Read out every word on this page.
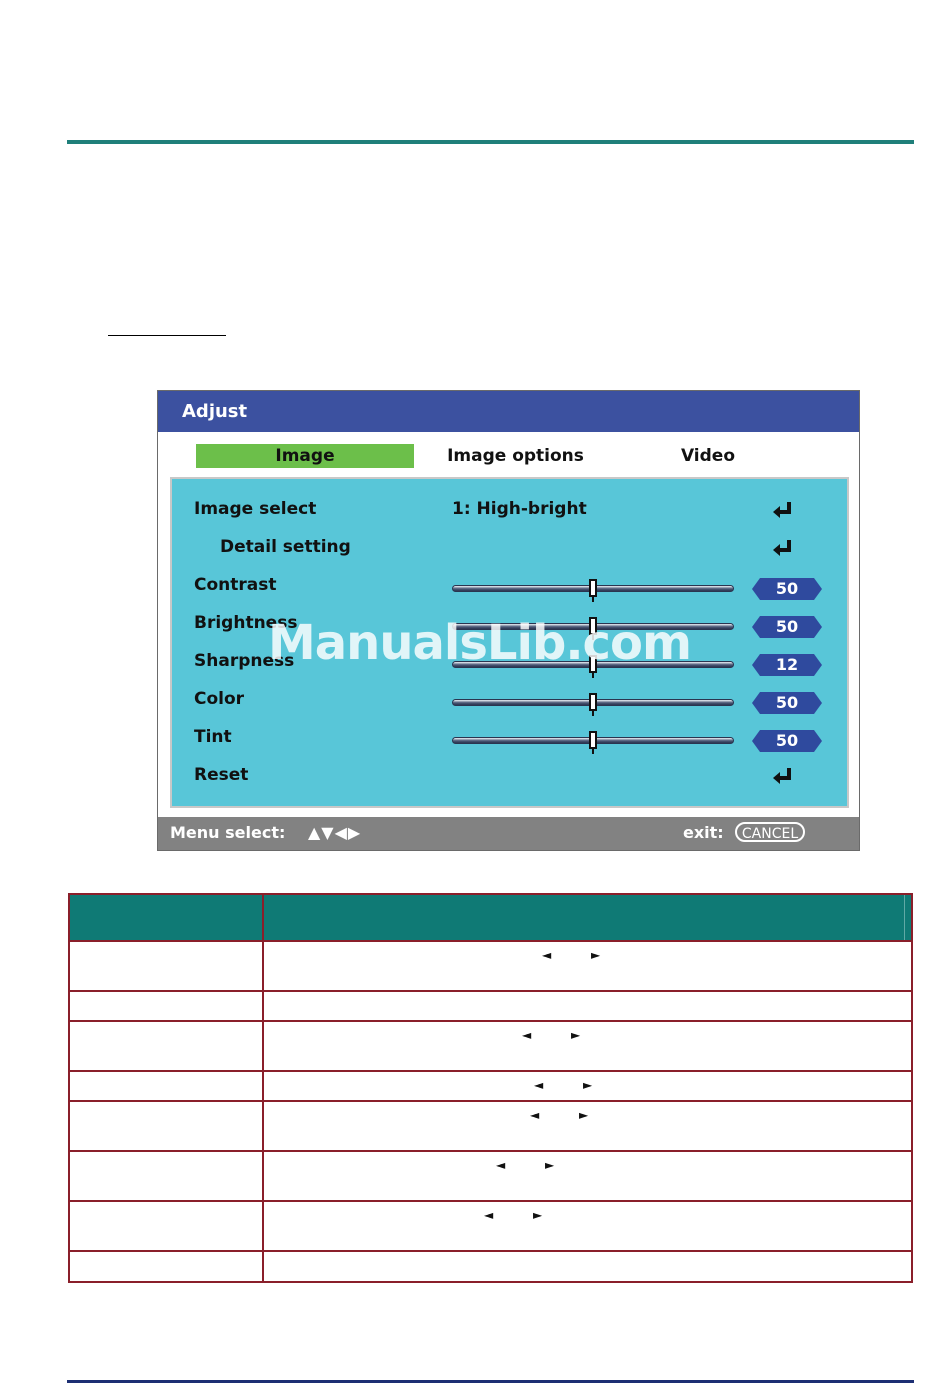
Adjust
Image	Image options	Video
Image select	1: High-bright
Detail setting
Contrast	50
Brightness	50
Sharpness	12
Color	50
Tint	50
Reset
Menu select: ▲▼◀▶	exit:	CANCEL
ManualsLib.com
◄ ►
◄ ►
◄ ►
◄ ►
◄ ►
◄ ►
